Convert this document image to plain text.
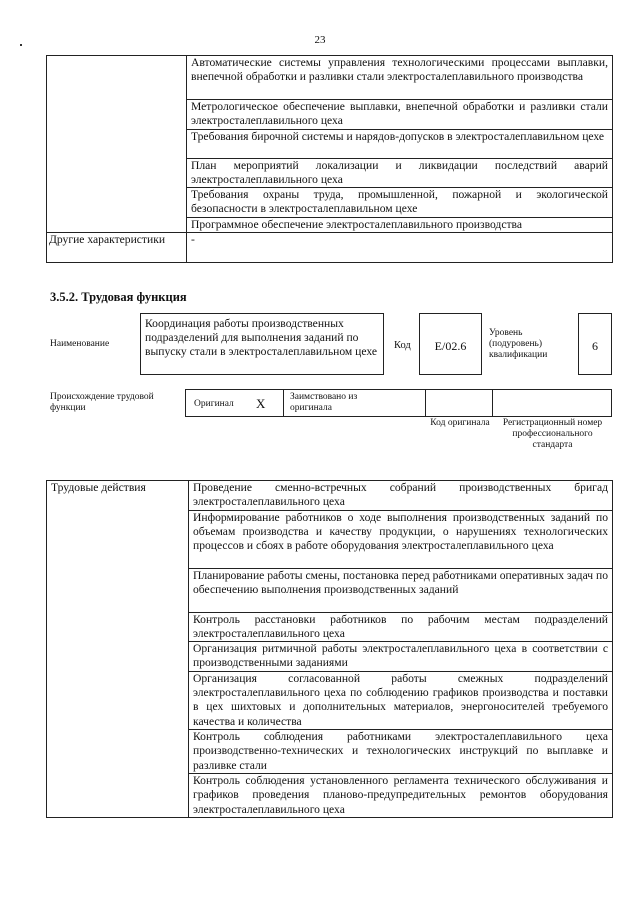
23
	Автоматические системы управления технологическими процессами выплавки, внепечной обработки и разливки стали электросталеплавильного производства
	Метрологическое обеспечение выплавки, внепечной обработки и разливки стали электросталеплавильного цеха
	Требования бирочной системы и нарядов-допусков в электросталеплавильном цехе
	План мероприятий локализации и ликвидации последствий аварий электросталеплавильного цеха
	Требования охраны труда, промышленной, пожарной и экологической безопасности в электросталеплавильном цехе
	Программное обеспечение электросталеплавильного производства
Другие характеристики	-
3.5.2. Трудовая функция
Наименование
Координация работы производственных подразделений для выполнения заданий по выпуску стали в электросталеплавильном цехе	Код	Е/02.6
Уровень (подуровень) квалификации
6
Происхождение трудовой функции	Оригинал Х	Заимствовано из оригинала
Код оригинала	Регистрационный номер профессионального стандарта
Трудовые действия	Проведение сменно-встречных собраний производственных бригад электросталеплавильного цеха
Информирование работников о ходе выполнения производственных заданий по объемам производства и качеству продукции, о нарушениях технологических процессов и сбоях в работе оборудования электросталеплавильного цеха
Планирование работы смены, постановка перед работниками оперативных задач по обеспечению выполнения производственных заданий
Контроль расстановки работников по рабочим местам подразделений электросталеплавильного цеха
Организация ритмичной работы электросталеплавильного цеха в соответствии с производственными заданиями
Организация согласованной работы смежных подразделений электросталеплавильного цеха по соблюдению графиков производства и поставки в цех шихтовых и дополнительных материалов, энергоносителей требуемого качества и количества
Контроль соблюдения работниками электросталеплавильного цеха производственно-технических и технологических инструкций по выплавке и разливке стали
Контроль соблюдения установленного регламента технического обслуживания и графиков проведения планово-предупредительных ремонтов оборудования электросталеплавильного цеха
